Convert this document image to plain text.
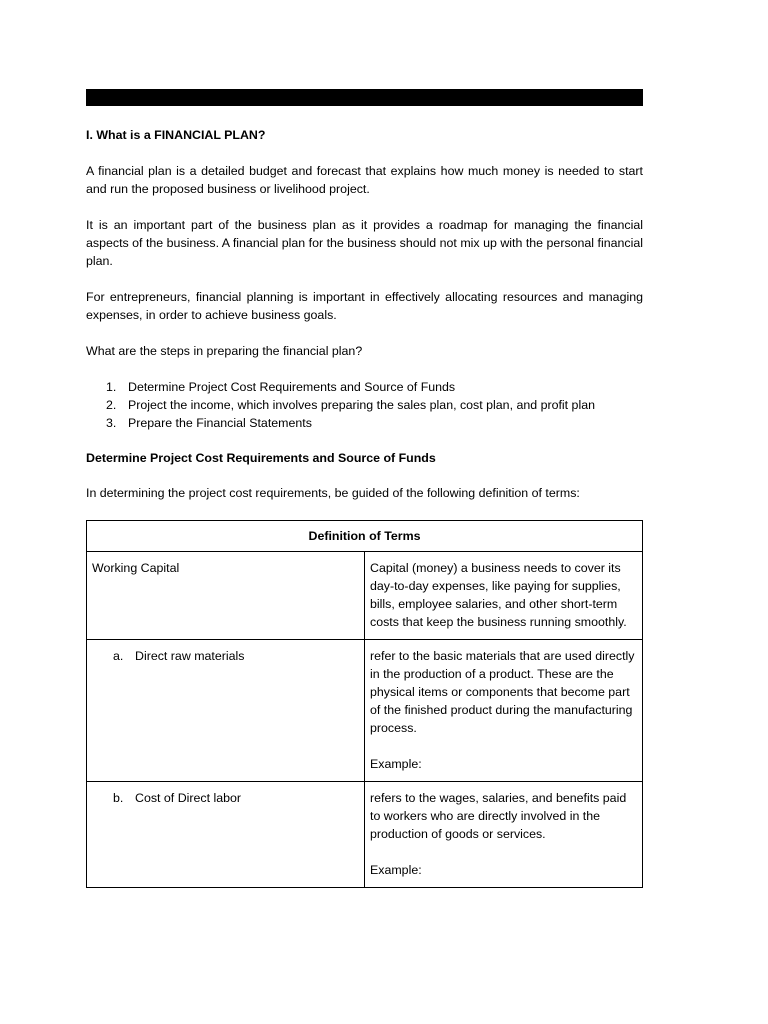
I. What is a FINANCIAL PLAN?

A financial plan is a detailed budget and forecast that explains how much money is needed to start and run the proposed business or livelihood project.

It is an important part of the business plan as it provides a roadmap for managing the financial aspects of the business. A financial plan for the business should not mix up with the personal financial plan.

For entrepreneurs, financial planning is important in effectively allocating resources and managing expenses, in order to achieve business goals.

What are the steps in preparing the financial plan?

1. Determine Project Cost Requirements and Source of Funds
2. Project the income, which involves preparing the sales plan, cost plan, and profit plan
3. Prepare the Financial Statements
Determine Project Cost Requirements and Source of Funds

In determining the project cost requirements, be guided of the following definition of terms:

Definition of Terms	
Working Capital	Capital (money) a business needs to cover its day-to-day expenses, like paying for supplies, bills, employee salaries, and other short-term costs that keep the business running smoothly.

a. Direct raw materials	refer to the basic materials that are used directly in the production of a product. These are the physical items or components that become part of the finished product during the manufacturing process.
Example:

b. Cost of Direct labor	refers to the wages, salaries, and benefits paid to workers who are directly involved in the production of goods or services.
Example:
